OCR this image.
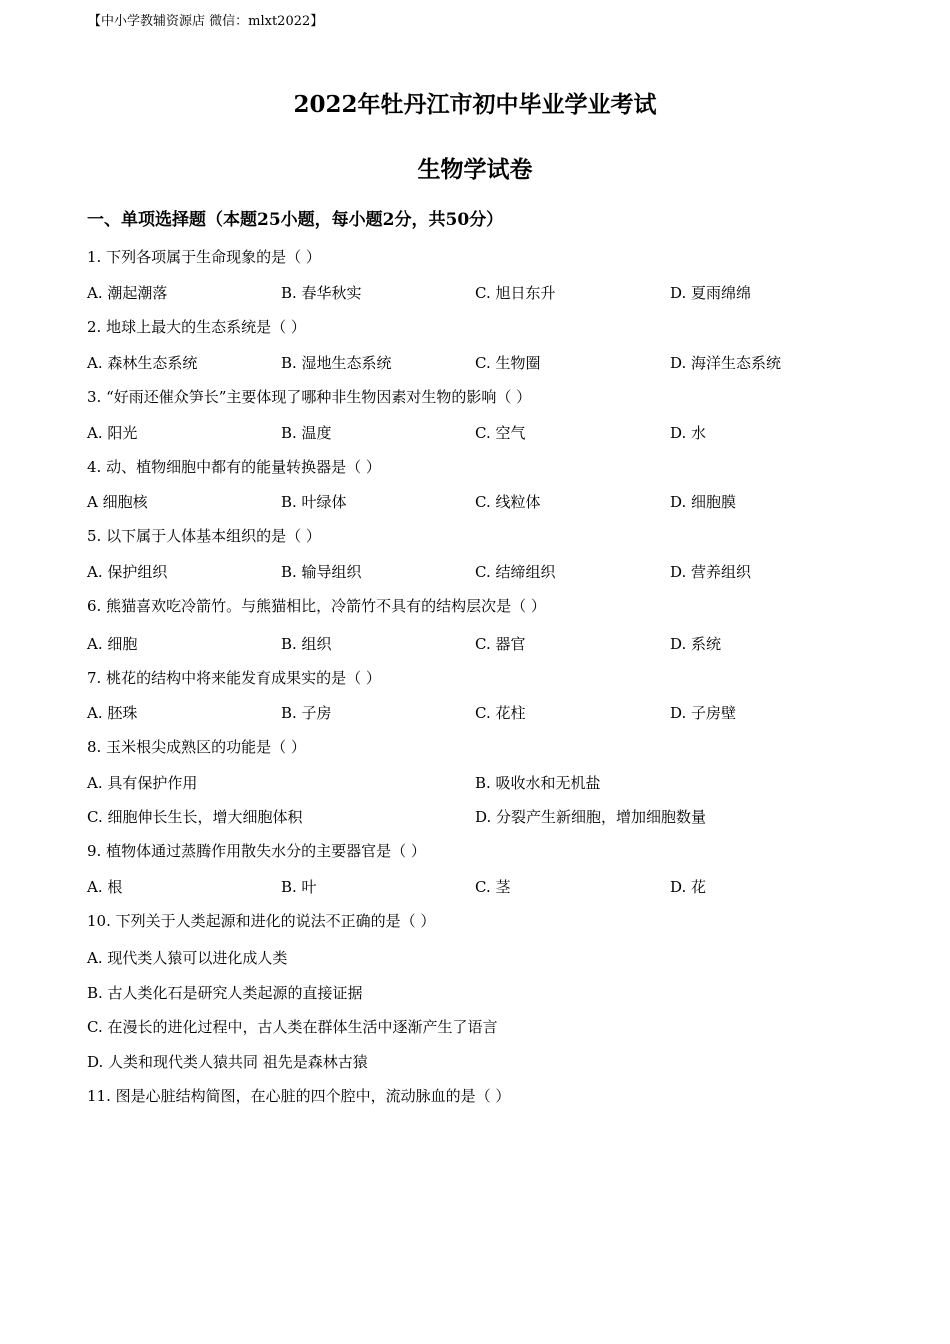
【中小学教辅资源店 微信：mlxt2022】
2022年牡丹江市初中毕业学业考试
生物学试卷
一、单项选择题（本题25小题，每小题2分，共50分）
1. 下列各项属于生命现象的是（ ）
A. 潮起潮落	B. 春华秋实	C. 旭日东升	D. 夏雨绵绵
2. 地球上最大的生态系统是（ ）
A. 森林生态系统	B. 湿地生态系统	C. 生物圈	D. 海洋生态系统
3. “好雨还催众笋长”主要体现了哪种非生物因素对生物的影响（ ）
A. 阳光	B. 温度	C. 空气	D. 水
4. 动、植物细胞中都有的能量转换器是（ ）
A 细胞核	B. 叶绿体	C. 线粒体	D. 细胞膜
5. 以下属于人体基本组织的是（ ）
A. 保护组织	B. 输导组织	C. 结缔组织	D. 营养组织
6. 熊猫喜欢吃冷箭竹。与熊猫相比，冷箭竹不具有的结构层次是（ ）
A. 细胞	B. 组织	C. 器官	D. 系统
7. 桃花的结构中将来能发育成果实的是（ ）
A. 胚珠	B. 子房	C. 花柱	D. 子房壁
8. 玉米根尖成熟区的功能是（ ）
A. 具有保护作用	B. 吸收水和无机盐
C. 细胞伸长生长，增大细胞体积	D. 分裂产生新细胞，增加细胞数量
9. 植物体通过蒸腾作用散失水分的主要器官是（ ）
A. 根	B. 叶	C. 茎	D. 花
10. 下列关于人类起源和进化的说法不正确的是（ ）
A. 现代类人猿可以进化成人类
B. 古人类化石是研究人类起源的直接证据
C. 在漫长的进化过程中，古人类在群体生活中逐渐产生了语言
D. 人类和现代类人猿共同 祖先是森林古猿
11. 图是心脏结构简图，在心脏的四个腔中，流动脉血的是（ ）
